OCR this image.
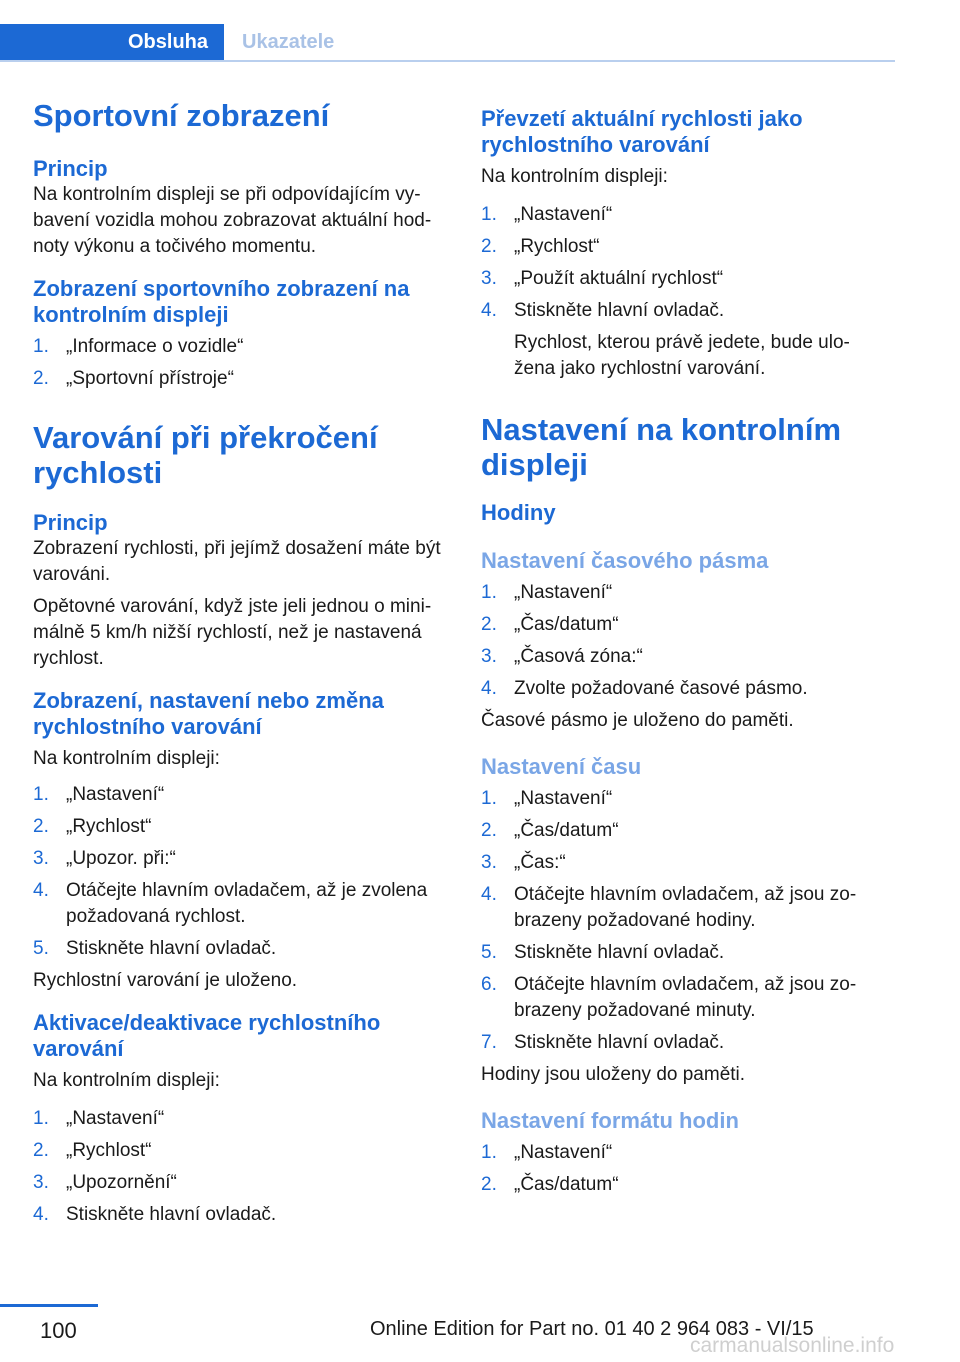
Obsluha	Ukazatele
Sportovní zobrazení
Princip

Na kontrolním displeji se při odpovídajícím vybavení vozidla mohou zobrazovat aktuální hodnoty výkonu a točivého momentu.

Zobrazení sportovního zobrazení na kontrolním displeji
1. „Informace o vozidle“
2. „Sportovní přístroje“
Varování při překročení rychlosti
Princip

Zobrazení rychlosti, při jejímž dosažení máte být varováni.

Opětovné varování, když jste jeli jednou o minimálně 5 km/h nižší rychlostí, než je nastavená rychlost.

Zobrazení, nastavení nebo změna rychlostního varování

Na kontrolním displeji:

1. „Nastavení“
2. „Rychlost“
3. „Upozor. při:“
4. Otáčejte hlavním ovladačem, až je zvolena požadovaná rychlost.
5. Stiskněte hlavní ovladač.

Rychlostní varování je uloženo.

Aktivace/deaktivace rychlostního varování

Na kontrolním displeji:

1. „Nastavení“
2. „Rychlost“
3. „Upozornění“
4. Stiskněte hlavní ovladač.
Převzetí aktuální rychlosti jako rychlostního varování

Na kontrolním displeji:

1. „Nastavení“
2. „Rychlost“
3. „Použít aktuální rychlost“
4. Stiskněte hlavní ovladač.
Rychlost, kterou právě jedete, bude uložena jako rychlostní varování.
Nastavení na kontrolním displeji
Hodiny
Nastavení časového pásma
1. „Nastavení“
2. „Čas/datum“
3. „Časová zóna:“
4. Zvolte požadované časové pásmo.

Časové pásmo je uloženo do paměti.

Nastavení času
1. „Nastavení“
2. „Čas/datum“
3. „Čas:“
4. Otáčejte hlavním ovladačem, až jsou zobrazeny požadované hodiny.
5. Stiskněte hlavní ovladač.
6. Otáčejte hlavním ovladačem, až jsou zobrazeny požadované minuty.
7. Stiskněte hlavní ovladač.

Hodiny jsou uloženy do paměti.

Nastavení formátu hodin
1. „Nastavení“
2. „Čas/datum“
100	Online Edition for Part no. 01 40 2 964 083 - VI/15
carmanualsonline.info
